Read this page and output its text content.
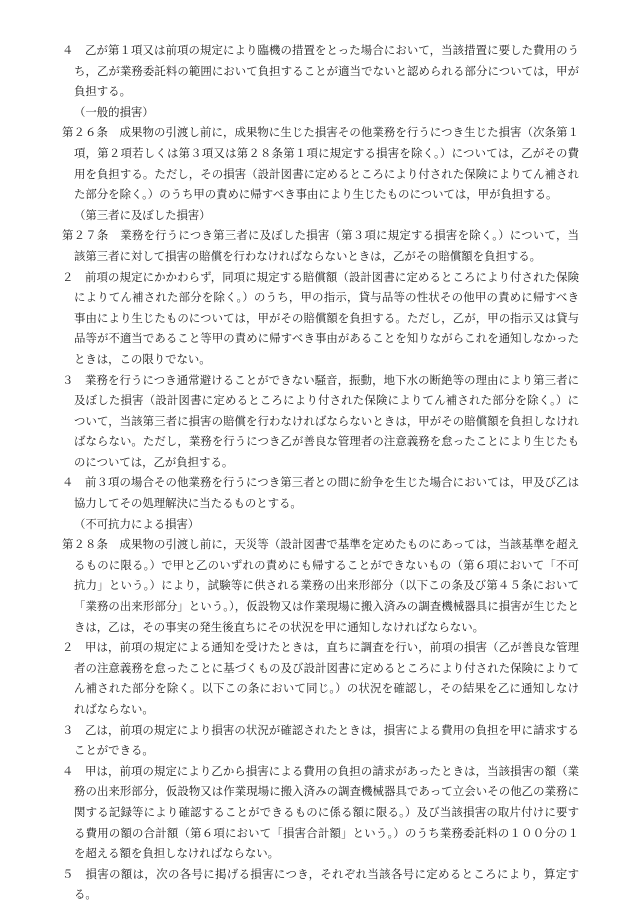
４　乙が第１項又は前項の規定により臨機の措置をとった場合において，当該措置に要した費用のうち，乙が業務委託料の範囲において負担することが適当でないと認められる部分については，甲が負担する。

（一般的損害）

第２６条　成果物の引渡し前に，成果物に生じた損害その他業務を行うにつき生じた損害（次条第１項，第２項若しくは第３項又は第２８条第１項に規定する損害を除く。）については，乙がその費用を負担する。ただし，その損害（設計図書に定めるところにより付された保険によりてん補された部分を除く。）のうち甲の責めに帰すべき事由により生じたものについては，甲が負担する。

（第三者に及ぼした損害）

第２７条　業務を行うにつき第三者に及ぼした損害（第３項に規定する損害を除く。）について，当該第三者に対して損害の賠償を行わなければならないときは，乙がその賠償額を負担する。

２　前項の規定にかかわらず，同項に規定する賠償額（設計図書に定めるところにより付された保険によりてん補された部分を除く。）のうち，甲の指示，貸与品等の性状その他甲の責めに帰すべき事由により生じたものについては，甲がその賠償額を負担する。ただし，乙が，甲の指示又は貸与品等が不適当であること等甲の責めに帰すべき事由があることを知りながらこれを通知しなかったときは，この限りでない。

３　業務を行うにつき通常避けることができない騒音，振動，地下水の断絶等の理由により第三者に及ぼした損害（設計図書に定めるところにより付された保険によりてん補された部分を除く。）について，当該第三者に損害の賠償を行わなければならないときは，甲がその賠償額を負担しなければならない。ただし，業務を行うにつき乙が善良な管理者の注意義務を怠ったことにより生じたものについては，乙が負担する。

４　前３項の場合その他業務を行うにつき第三者との間に紛争を生じた場合においては，甲及び乙は協力してその処理解決に当たるものとする。

（不可抗力による損害）

第２８条　成果物の引渡し前に，天災等（設計図書で基準を定めたものにあっては，当該基準を超えるものに限る。）で甲と乙のいずれの責めにも帰することができないもの（第６項において「不可抗力」という。）により，試験等に供される業務の出来形部分（以下この条及び第４５条において「業務の出来形部分」という。），仮設物又は作業現場に搬入済みの調査機械器具に損害が生じたときは，乙は，その事実の発生後直ちにその状況を甲に通知しなければならない。

２　甲は，前項の規定による通知を受けたときは，直ちに調査を行い，前項の損害（乙が善良な管理者の注意義務を怠ったことに基づくもの及び設計図書に定めるところにより付された保険によりてん補された部分を除く。以下この条において同じ。）の状況を確認し，その結果を乙に通知しなければならない。

３　乙は，前項の規定により損害の状況が確認されたときは，損害による費用の負担を甲に請求することができる。

４　甲は，前項の規定により乙から損害による費用の負担の請求があったときは，当該損害の額（業務の出来形部分，仮設物又は作業現場に搬入済みの調査機械器具であって立会いその他乙の業務に関する記録等により確認することができるものに係る額に限る。）及び当該損害の取片付けに要する費用の額の合計額（第６項において「損害合計額」という。）のうち業務委託料の１００分の１を超える額を負担しなければならない。

５　損害の額は，次の各号に掲げる損害につき，それぞれ当該各号に定めるところにより，算定する。
